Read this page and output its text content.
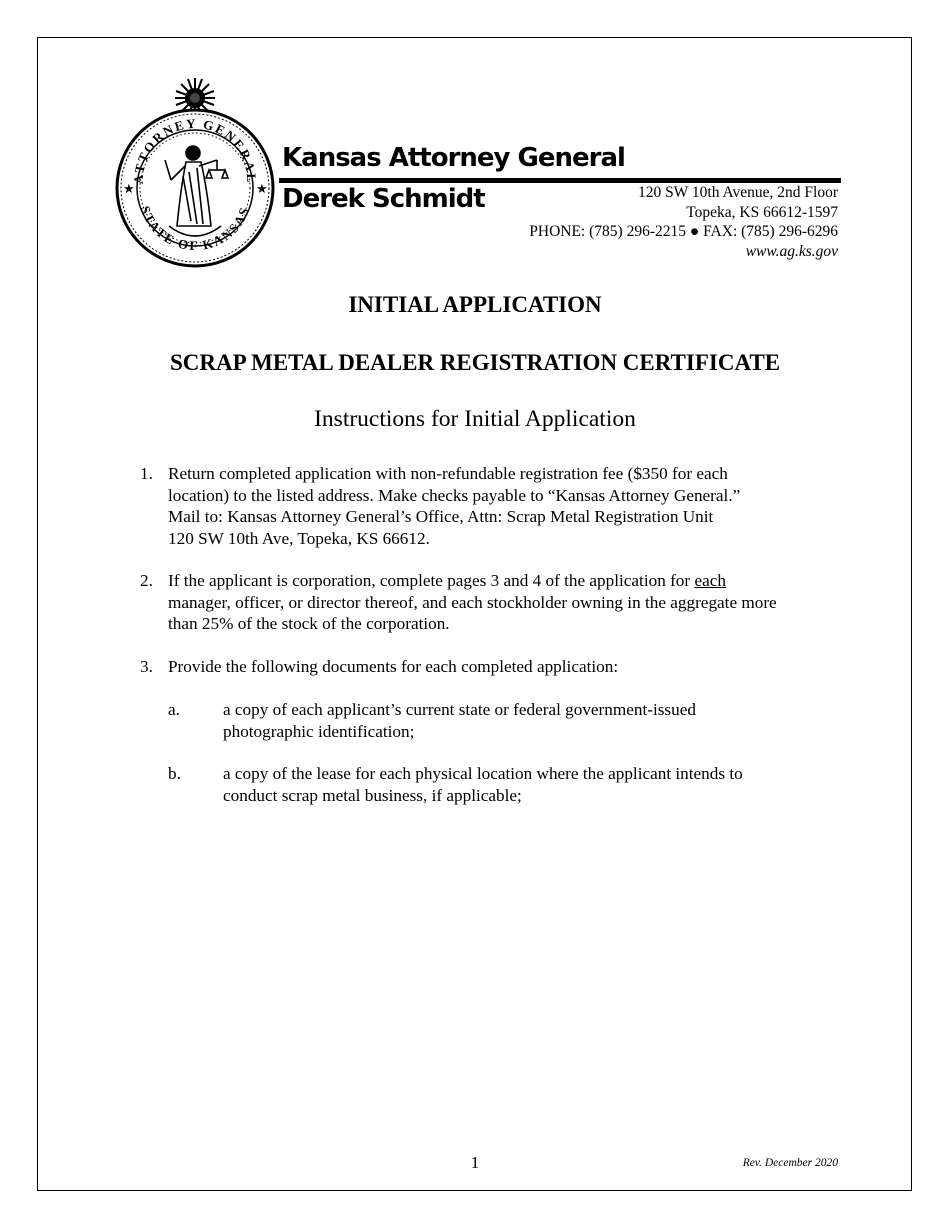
ATTORNEY GENERAL
STATE OF KANSAS
★	★
Kansas Attorney General
Derek Schmidt	120 SW 10th Avenue, 2nd Floor
Topeka, KS 66612-1597
PHONE: (785) 296-2215 ● FAX: (785) 296-6296
www.ag.ks.gov
INITIAL APPLICATION
SCRAP METAL DEALER REGISTRATION CERTIFICATE
Instructions for Initial Application
1. Return completed application with non-refundable registration fee ($350 for each
location) to the listed address. Make checks payable to “Kansas Attorney General.”
Mail to: Kansas Attorney General’s Office, Attn: Scrap Metal Registration Unit
120 SW 10th Ave, Topeka, KS 66612.
2. If the applicant is corporation, complete pages 3 and 4 of the application for each
manager, officer, or director thereof, and each stockholder owning in the aggregate more
than 25% of the stock of the corporation.
3. Provide the following documents for each completed application:
a.	a copy of each applicant’s current state or federal government-issued
photographic identification;
b. a copy of the lease for each physical location where the applicant intends to
conduct scrap metal business, if applicable;
1	Rev. December 2020
